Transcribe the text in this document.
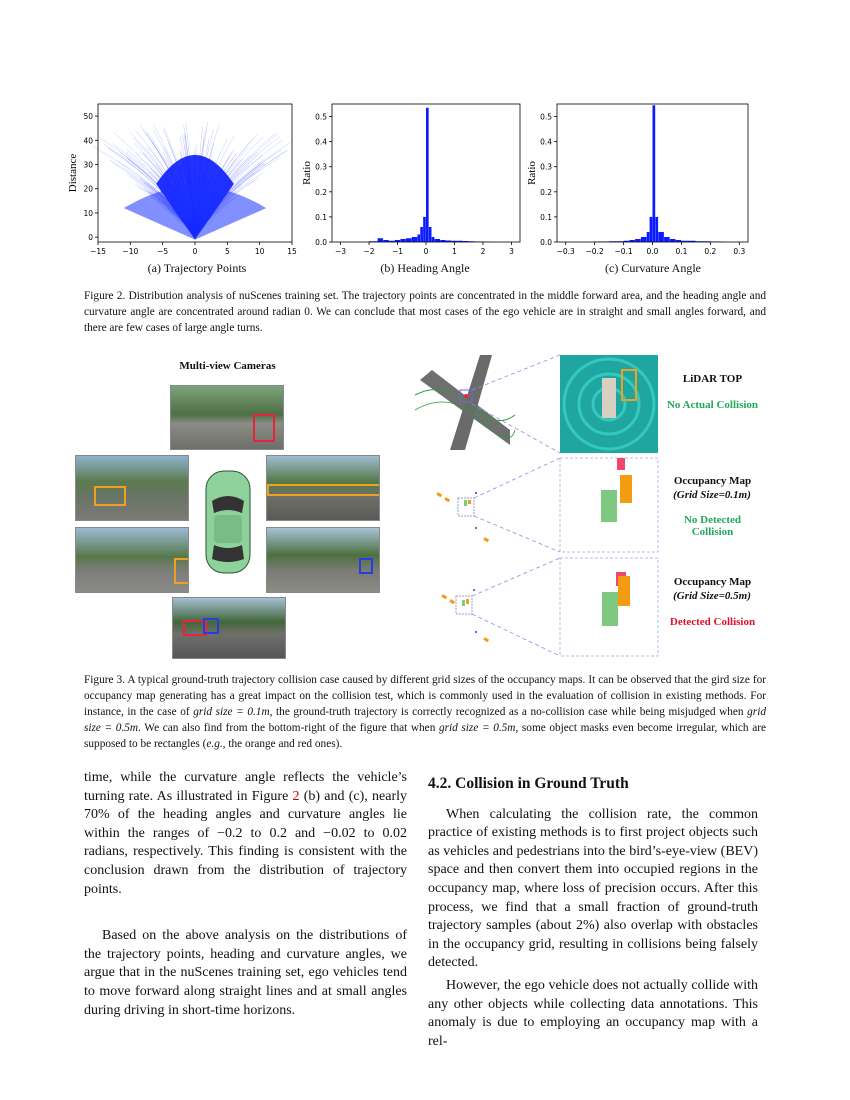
−15 −10	−5	0	5	10	15
0
10
20
30
40
50
Distance
−3 −2 −1	0	1	2	3
0.0
0.1
0.2
0.3
0.4
0.5
Ratio
−0.3 −0.2 −0.1 0.0 0.1 0.2 0.3
0.0
0.1
0.2
0.3
0.4
0.5
Ratio
(a) Trajectory Points	(b) Heading Angle	(c) Curvature Angle
Figure 2. Distribution analysis of nuScenes training set. The trajectory points are concentrated in the middle forward area, and the heading angle and curvature angle are concentrated around radian 0. We can conclude that most cases of the ego vehicle are in straight and small angles forward, and there are few cases of large angle turns.
Multi-view Cameras
LiDAR TOP
No Actual Collision
Occupancy Map
(Grid Size=0.1m)
No Detected Collision
Occupancy Map
(Grid Size=0.5m)
Detected Collision
Figure 3. A typical ground-truth trajectory collision case caused by different grid sizes of the occupancy maps. It can be observed that the gird size for occupancy map generating has a great impact on the collision test, which is commonly used in the evaluation of collision in existing methods. For instance, in the case of grid size = 0.1m, the ground-truth trajectory is correctly recognized as a no-collision case while being misjudged when grid size = 0.5m. We can also find from the bottom-right of the figure that when grid size = 0.5m, some object masks even become irregular, which are supposed to be rectangles (e.g., the orange and red ones).

time, while the curvature angle reflects the vehicle’s turning rate. As illustrated in Figure 2 (b) and (c), nearly 70% of the heading angles and curvature angles lie within the ranges of −0.2 to 0.2 and −0.02 to 0.02 radians, respectively. This finding is consistent with the conclusion drawn from the distribution of trajectory points.

Based on the above analysis on the distributions of the trajectory points, heading and curvature angles, we argue that in the nuScenes training set, ego vehicles tend to move forward along straight lines and at small angles during driving in short-time horizons.

4.2. Collision in Ground Truth

When calculating the collision rate, the common practice of existing methods is to first project objects such as vehicles and pedestrians into the bird’s-eye-view (BEV) space and then convert them into occupied regions in the occupancy map, where loss of precision occurs. After this process, we find that a small fraction of ground-truth trajectory samples (about 2%) also overlap with obstacles in the occupancy grid, resulting in collisions being falsely detected.

However, the ego vehicle does not actually collide with any other objects while collecting data annotations. This anomaly is due to employing an occupancy map with a rel-
